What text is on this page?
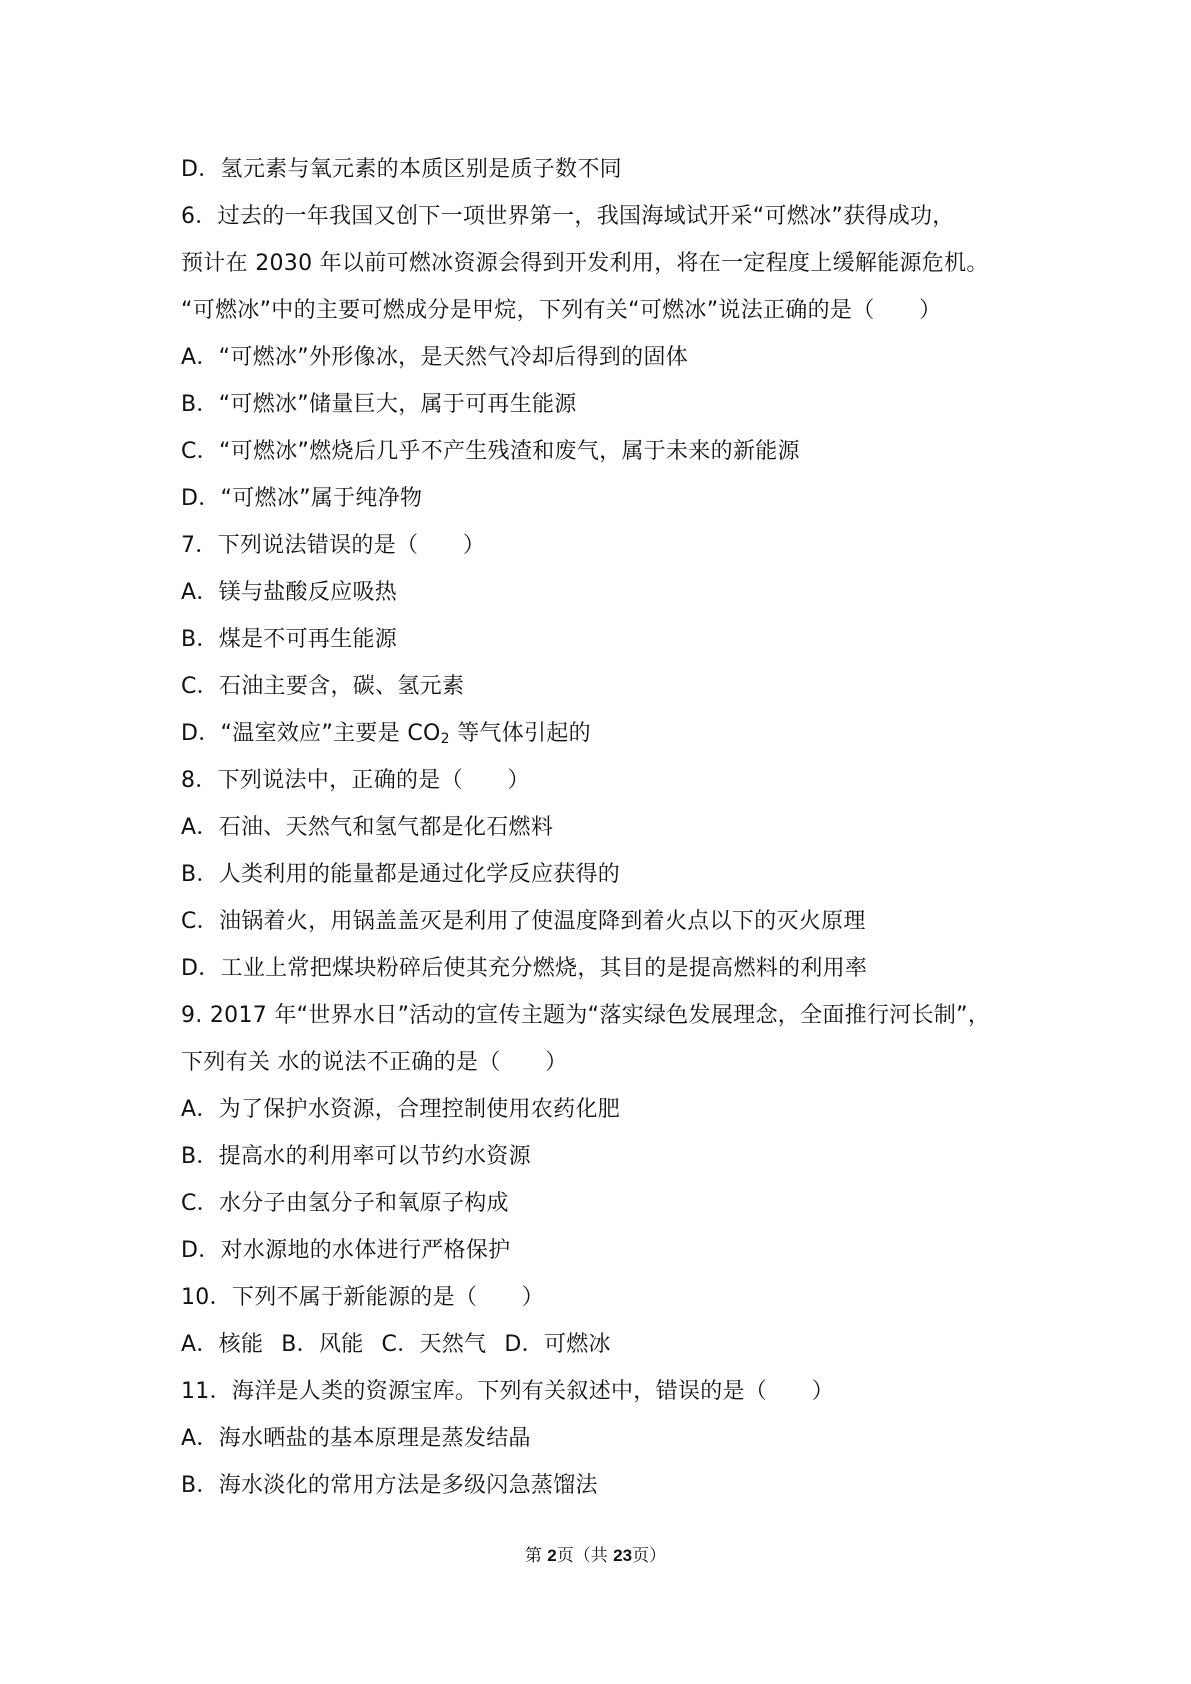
D．氢元素与氧元素的本质区别是质子数不同
6．过去的一年我国又创下一项世界第一，我国海域试开采“可燃冰”获得成功，
预计在 2030 年以前可燃冰资源会得到开发利用，将在一定程度上缓解能源危机。
“可燃冰”中的主要可燃成分是甲烷，下列有关“可燃冰”说法正确的是（　　）
A．“可燃冰”外形像冰，是天然气冷却后得到的固体
B．“可燃冰”储量巨大，属于可再生能源
C．“可燃冰”燃烧后几乎不产生残渣和废气，属于未来的新能源
D．“可燃冰”属于纯净物
7．下列说法错误的是（　　）
A．镁与盐酸反应吸热
B．煤是不可再生能源
C．石油主要含，碳、氢元素
D．“温室效应”主要是 $CO_2$ 等气体引起的
8．下列说法中，正确的是（　　）
A．石油、天然气和氢气都是化石燃料
B．人类利用的能量都是通过化学反应获得的
C．油锅着火，用锅盖盖灭是利用了使温度降到着火点以下的灭火原理
D．工业上常把煤块粉碎后使其充分燃烧，其目的是提高燃料的利用率
9. 2017 年“世界水日”活动的宣传主题为“落实绿色发展理念，全面推行河长制”，
下列有关 水的说法不正确的是（　　）
A．为了保护水资源，合理控制使用农药化肥
B．提高水的利用率可以节约水资源
C．水分子由氢分子和氧原子构成
D．对水源地的水体进行严格保护
10．下列不属于新能源的是（　　）
A．核能 B．风能 C．天然气 D．可燃冰
11．海洋是人类的资源宝库。下列有关叙述中，错误的是（　　）
A．海水晒盐的基本原理是蒸发结晶
B．海水淡化的常用方法是多级闪急蒸馏法
第 2页（共 23页）
